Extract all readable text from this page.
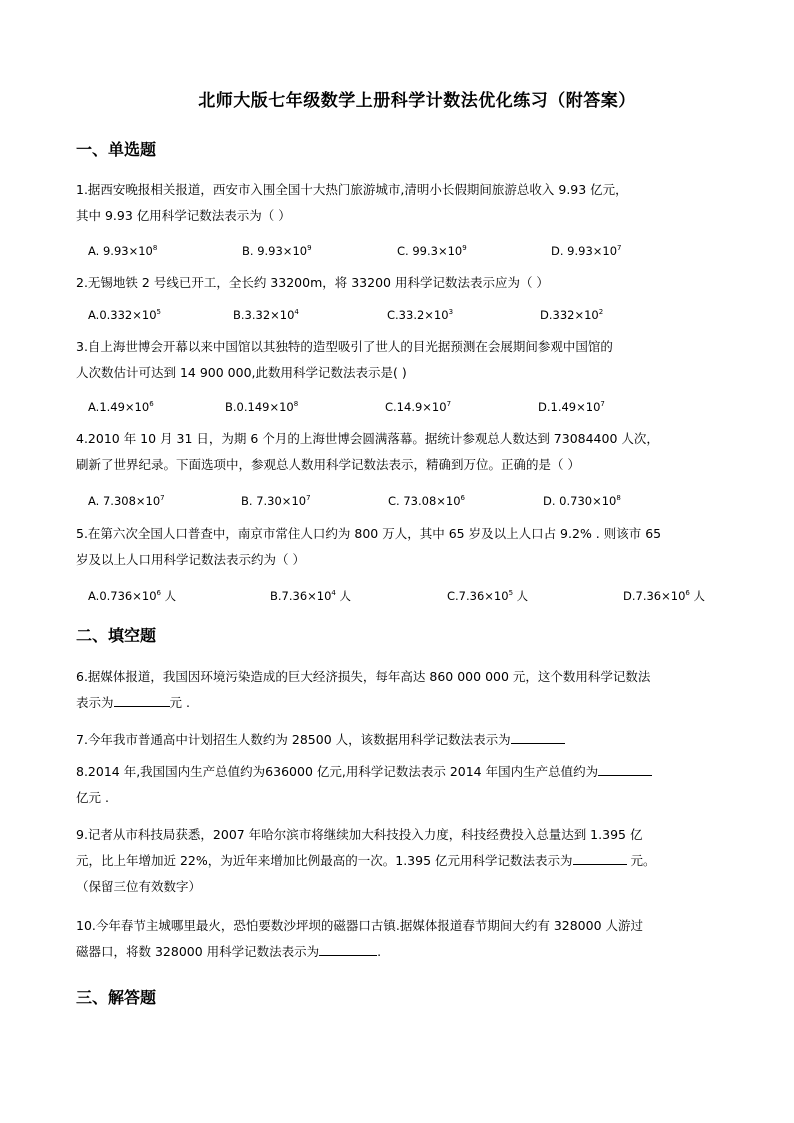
北师大版七年级数学上册科学计数法优化练习（附答案）
一、单选题
1.据西安晚报相关报道，西安市入围全国十大热门旅游城市,清明小长假期间旅游总收入 9.93 亿元，
其中 9.93 亿用科学记数法表示为（ ）
A. $9.93\times 10^8$	B. $9.93\times 10^9$	C. $99.3\times 10^9$	D. $9.93\times 10^7$
2.无锡地铁 2 号线已开工，全长约 33200m，将 33200 用科学记数法表示应为（ ）
$A.0.332\times 10^5$	$B.3.32\times 10^4$	$C.33.2\times 10^3$	$D.332\times 10^2$
3.自上海世博会开幕以来中国馆以其独特的造型吸引了世人的目光据预测在会展期间参观中国馆的
人次数估计可达到 14 900 000,此数用科学记数法表示是( )
$A.1.49\times 10^6$	$B.0.149\times 10^8$	$C.14.9\times 10^7$	$D.1.49\times 10^7$
4.2010 年 10 月 31 日，为期 6 个月的上海世博会圆满落幕。据统计参观总人数达到 73084400 人次，
刷新了世界纪录。下面选项中，参观总人数用科学记数法表示，精确到万位。正确的是（ ）
A. $7.308\times 10^7$	B. $7.30\times 10^7$	C. $73.08\times 10^6$	D. $0.730\times 10^8$
5.在第六次全国人口普查中，南京市常住人口约为 800 万人，其中 65 岁及以上人口占 9.2% . 则该市 65
岁及以上人口用科学记数法表示约为（ ）
$A.0.736\times 10^6$ 人	$B.7.36\times 10^4$ 人	$C.7.36\times 10^5$ 人	$D.7.36\times 10^6$ 人
二、填空题
6.据媒体报道，我国因环境污染造成的巨大经济损失，每年高达 860 000 000 元，这个数用科学记数法
表示为	元 .
7.今年我市普通高中计划招生人数约为 28500 人，该数据用科学记数法表示为
8.2014 年,我国国内生产总值约为636000 亿元,用科学记数法表示 2014 年国内生产总值约为
亿元 .
9.记者从市科技局获悉，2007 年哈尔滨市将继续加大科技投入力度，科技经费投入总量达到 1.395 亿
元，比上年增加近 22%，为近年来增加比例最高的一次。1.395 亿元用科学记数法表示为	元。
（保留三位有效数字）
10.今年春节主城哪里最火，恐怕要数沙坪坝的磁器口古镇.据媒体报道春节期间大约有 328000 人游过
磁器口，将数 328000 用科学记数法表示为	.
三、解答题
